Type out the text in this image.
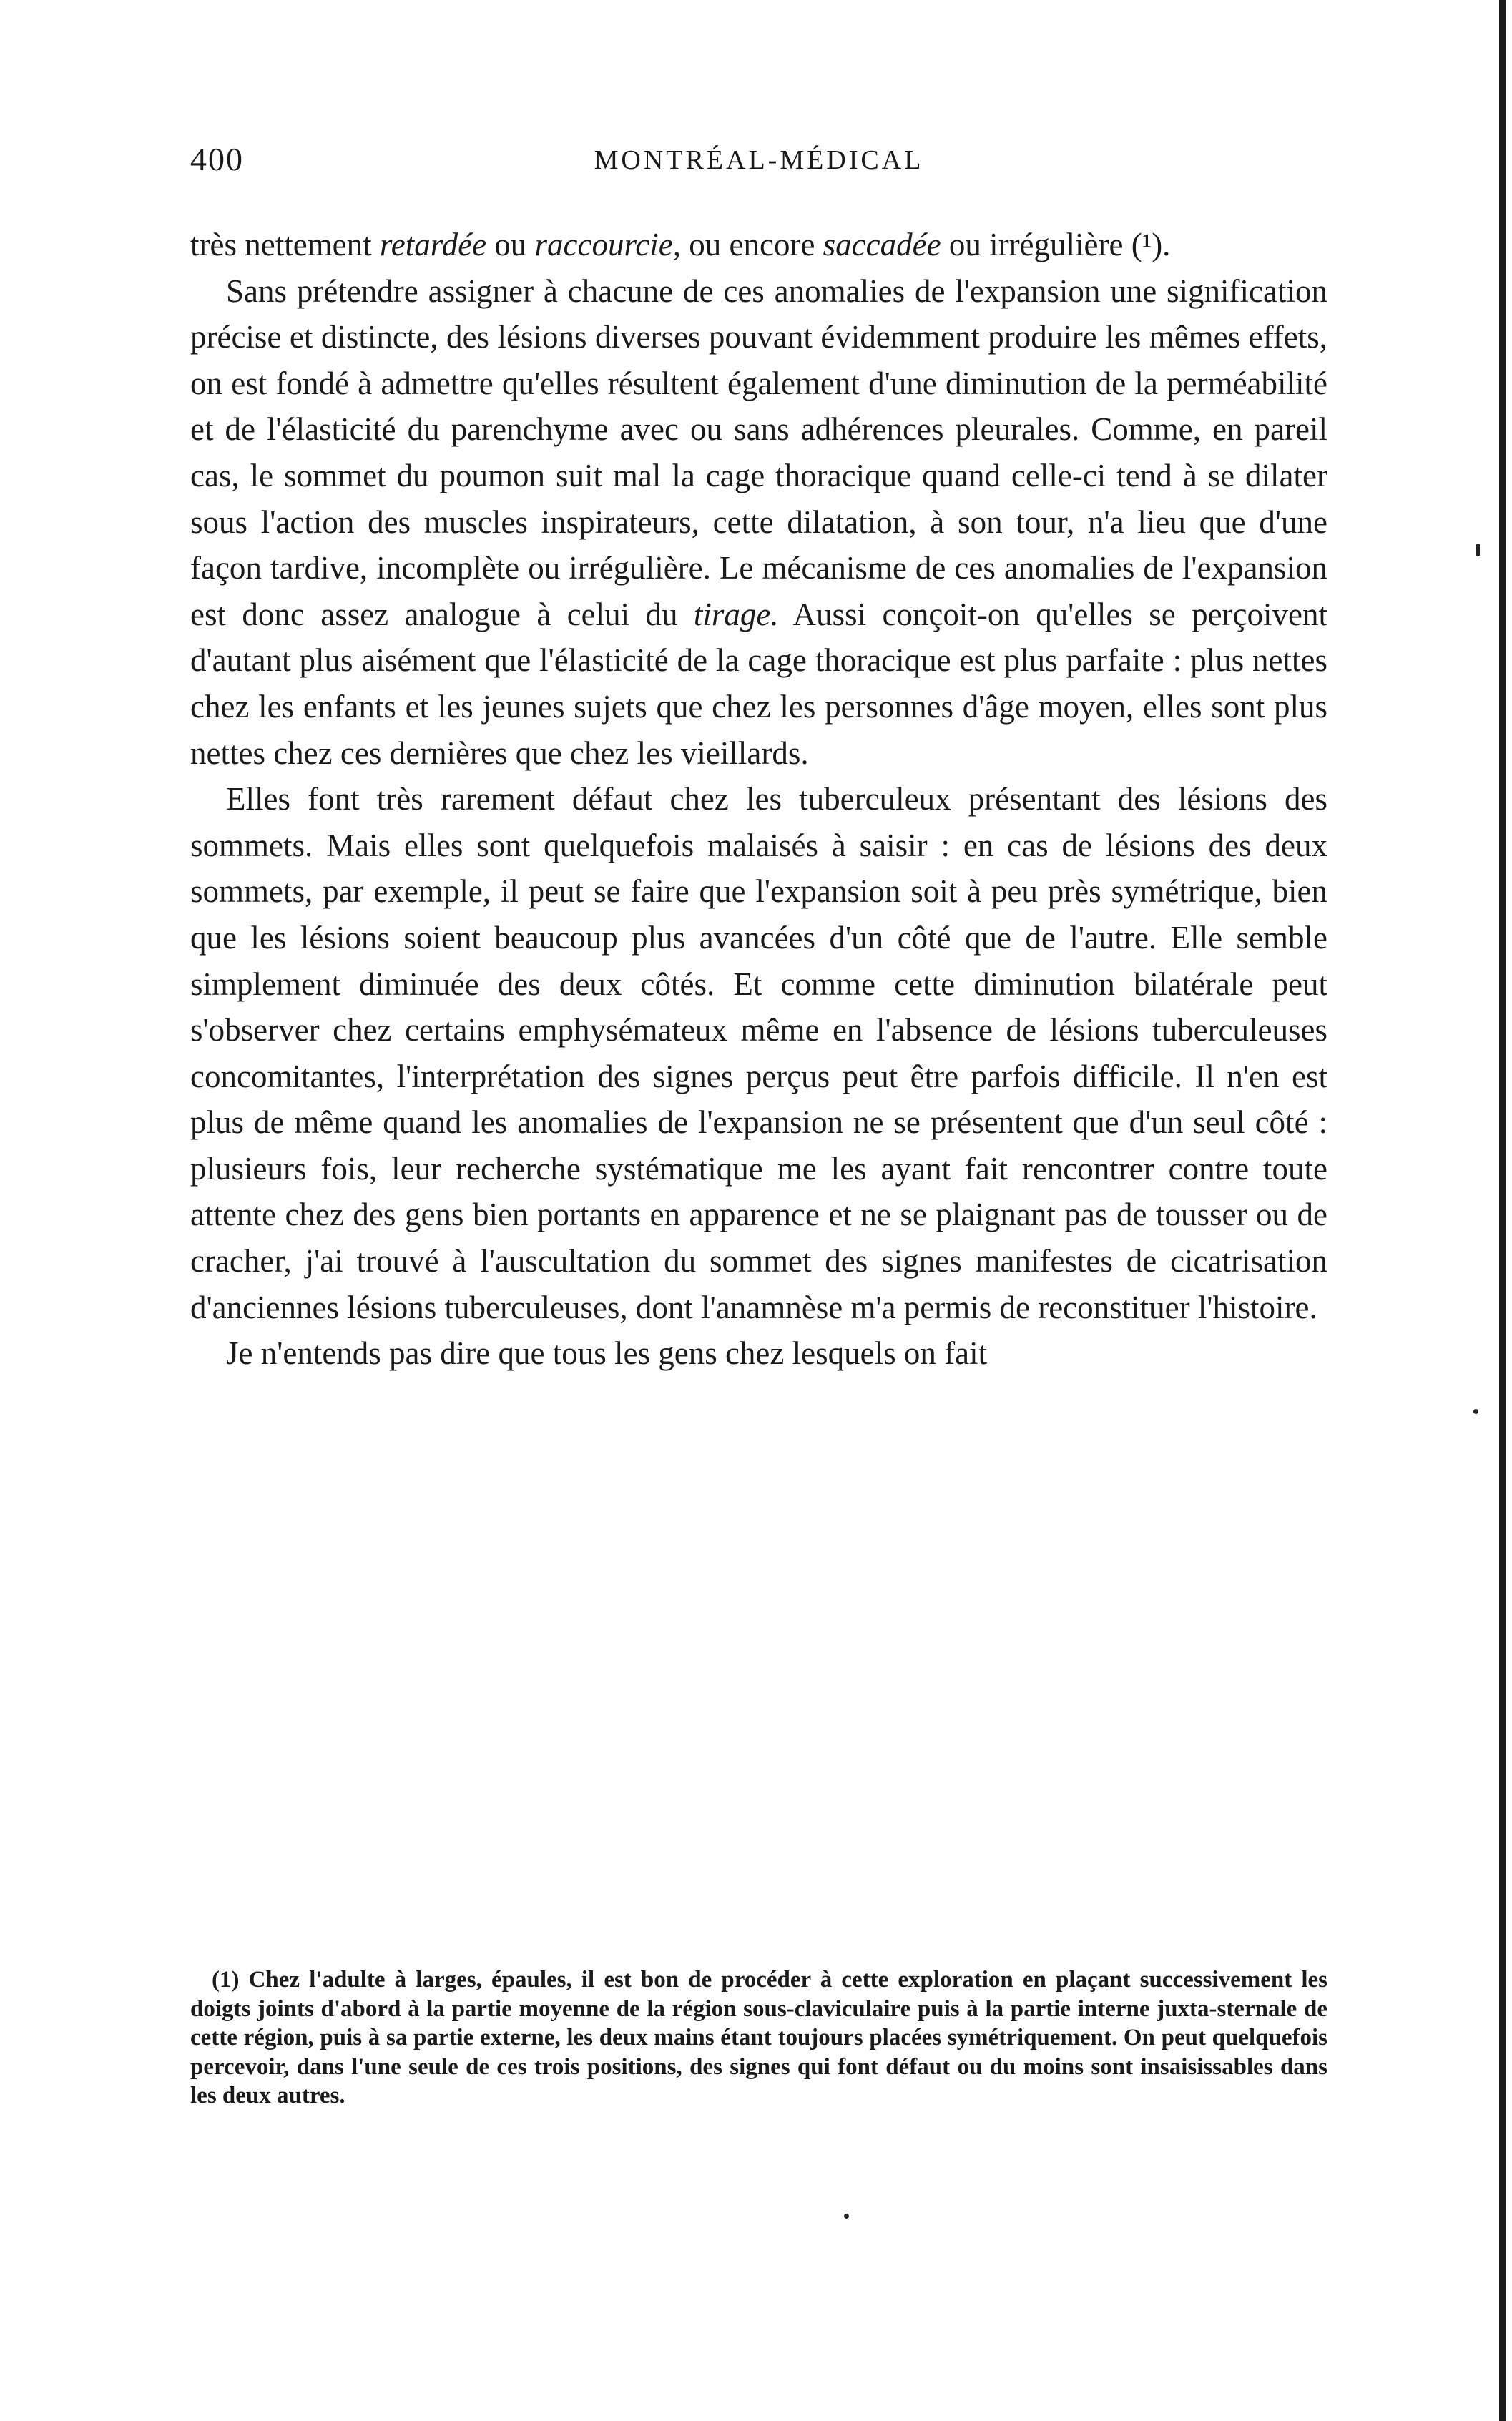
400	MONTRÉAL-MÉDICAL

très nettement retardée ou raccourcie, ou encore saccadée ou irrégulière (¹).

Sans prétendre assigner à chacune de ces anomalies de l'expansion une signification précise et distincte, des lésions diverses pouvant évidemment produire les mêmes effets, on est fondé à admettre qu'elles résultent également d'une diminution de la perméabilité et de l'élasticité du parenchyme avec ou sans adhérences pleurales. Comme, en pareil cas, le sommet du poumon suit mal la cage thoracique quand celle-ci tend à se dilater sous l'action des muscles inspirateurs, cette dilatation, à son tour, n'a lieu que d'une façon tardive, incomplète ou irrégulière. Le mécanisme de ces anomalies de l'expansion est donc assez analogue à celui du tirage. Aussi conçoit-on qu'elles se perçoivent d'autant plus aisément que l'élasticité de la cage thoracique est plus parfaite : plus nettes chez les enfants et les jeunes sujets que chez les personnes d'âge moyen, elles sont plus nettes chez ces dernières que chez les vieillards.

Elles font très rarement défaut chez les tuberculeux présentant des lésions des sommets. Mais elles sont quelquefois malaisés à saisir : en cas de lésions des deux sommets, par exemple, il peut se faire que l'expansion soit à peu près symétrique, bien que les lésions soient beaucoup plus avancées d'un côté que de l'autre. Elle semble simplement diminuée des deux côtés. Et comme cette diminution bilatérale peut s'observer chez certains emphysémateux même en l'absence de lésions tuberculeuses concomitantes, l'interprétation des signes perçus peut être parfois difficile. Il n'en est plus de même quand les anomalies de l'expansion ne se présentent que d'un seul côté : plusieurs fois, leur recherche systématique me les ayant fait rencontrer contre toute attente chez des gens bien portants en apparence et ne se plaignant pas de tousser ou de cracher, j'ai trouvé à l'auscultation du sommet des signes manifestes de cicatrisation d'anciennes lésions tuberculeuses, dont l'anamnèse m'a permis de reconstituer l'histoire.

Je n'entends pas dire que tous les gens chez lesquels on fait

(1) Chez l'adulte à larges, épaules, il est bon de procéder à cette exploration en plaçant successivement les doigts joints d'abord à la partie moyenne de la région sous-claviculaire puis à la partie interne juxta-sternale de cette région, puis à sa partie externe, les deux mains étant toujours placées symétriquement. On peut quelquefois percevoir, dans l'une seule de ces trois positions, des signes qui font défaut ou du moins sont insaisissables dans les deux autres.
